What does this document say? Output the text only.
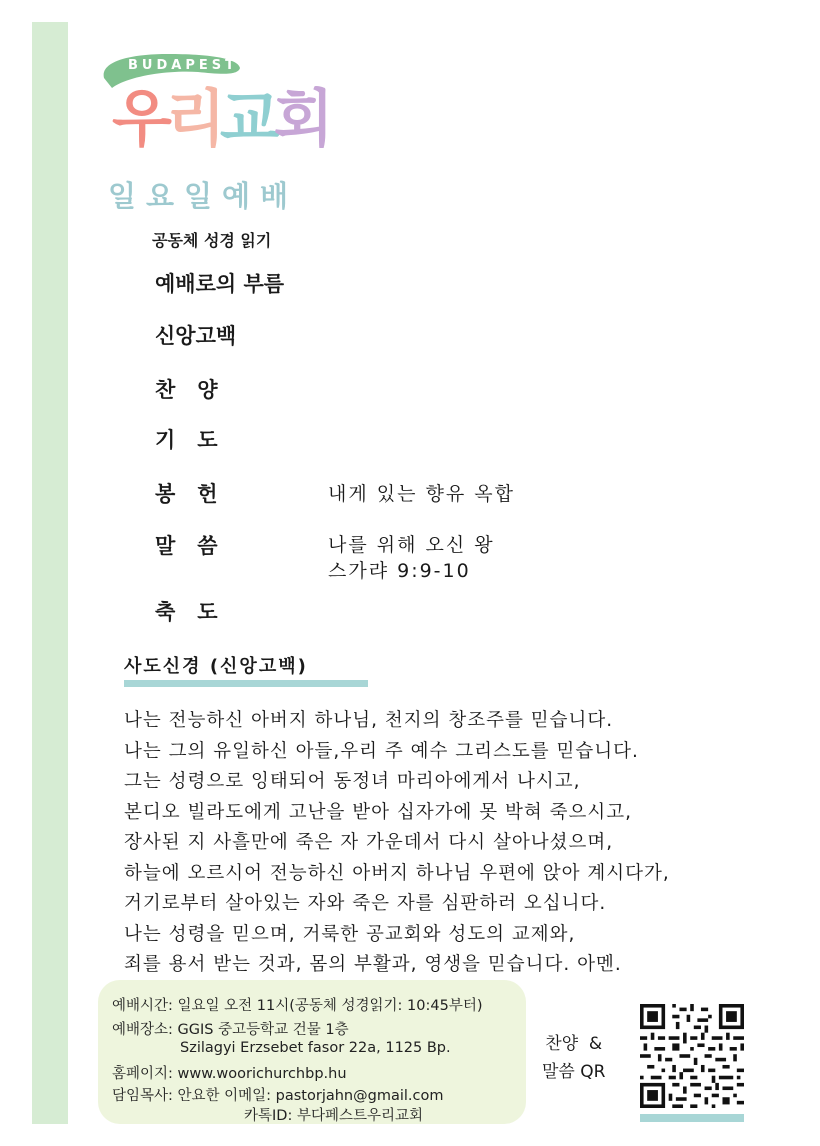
BUDAPEST
우리교회
일요일예배
공동체 성경 읽기
예배로의 부름
신앙고백
찬   양
기   도
봉   헌	내게 있는 향유 옥합
말   씀	나를 위해 오신 왕
스가랴 9:9-10
축   도
사도신경 (신앙고백)
나는 전능하신 아버지 하나님, 천지의 창조주를 믿습니다.
나는 그의 유일하신 아들,우리 주 예수 그리스도를 믿습니다.
그는 성령으로 잉태되어 동정녀 마리아에게서 나시고,
본디오 빌라도에게 고난을 받아 십자가에 못 박혀 죽으시고,
장사된 지 사흘만에 죽은 자 가운데서 다시 살아나셨으며,
하늘에 오르시어 전능하신 아버지 하나님 우편에 앉아 계시다가,
거기로부터 살아있는 자와 죽은 자를 심판하러 오십니다.
나는 성령을 믿으며, 거룩한 공교회와 성도의 교제와,
죄를 용서 받는 것과, 몸의 부활과, 영생을 믿습니다. 아멘.
예배시간: 일요일 오전 11시(공동체 성경읽기: 10:45부터)
예배장소: GGIS 중고등학교 건물 1층
Szilagyi Erzsebet fasor 22a, 1125 Bp.
홈페이지: www.woorichurchbp.hu
담임목사: 안요한 이메일: pastorjahn@gmail.com
카톡ID: 부다페스트우리교회
찬양  &
말씀 QR
